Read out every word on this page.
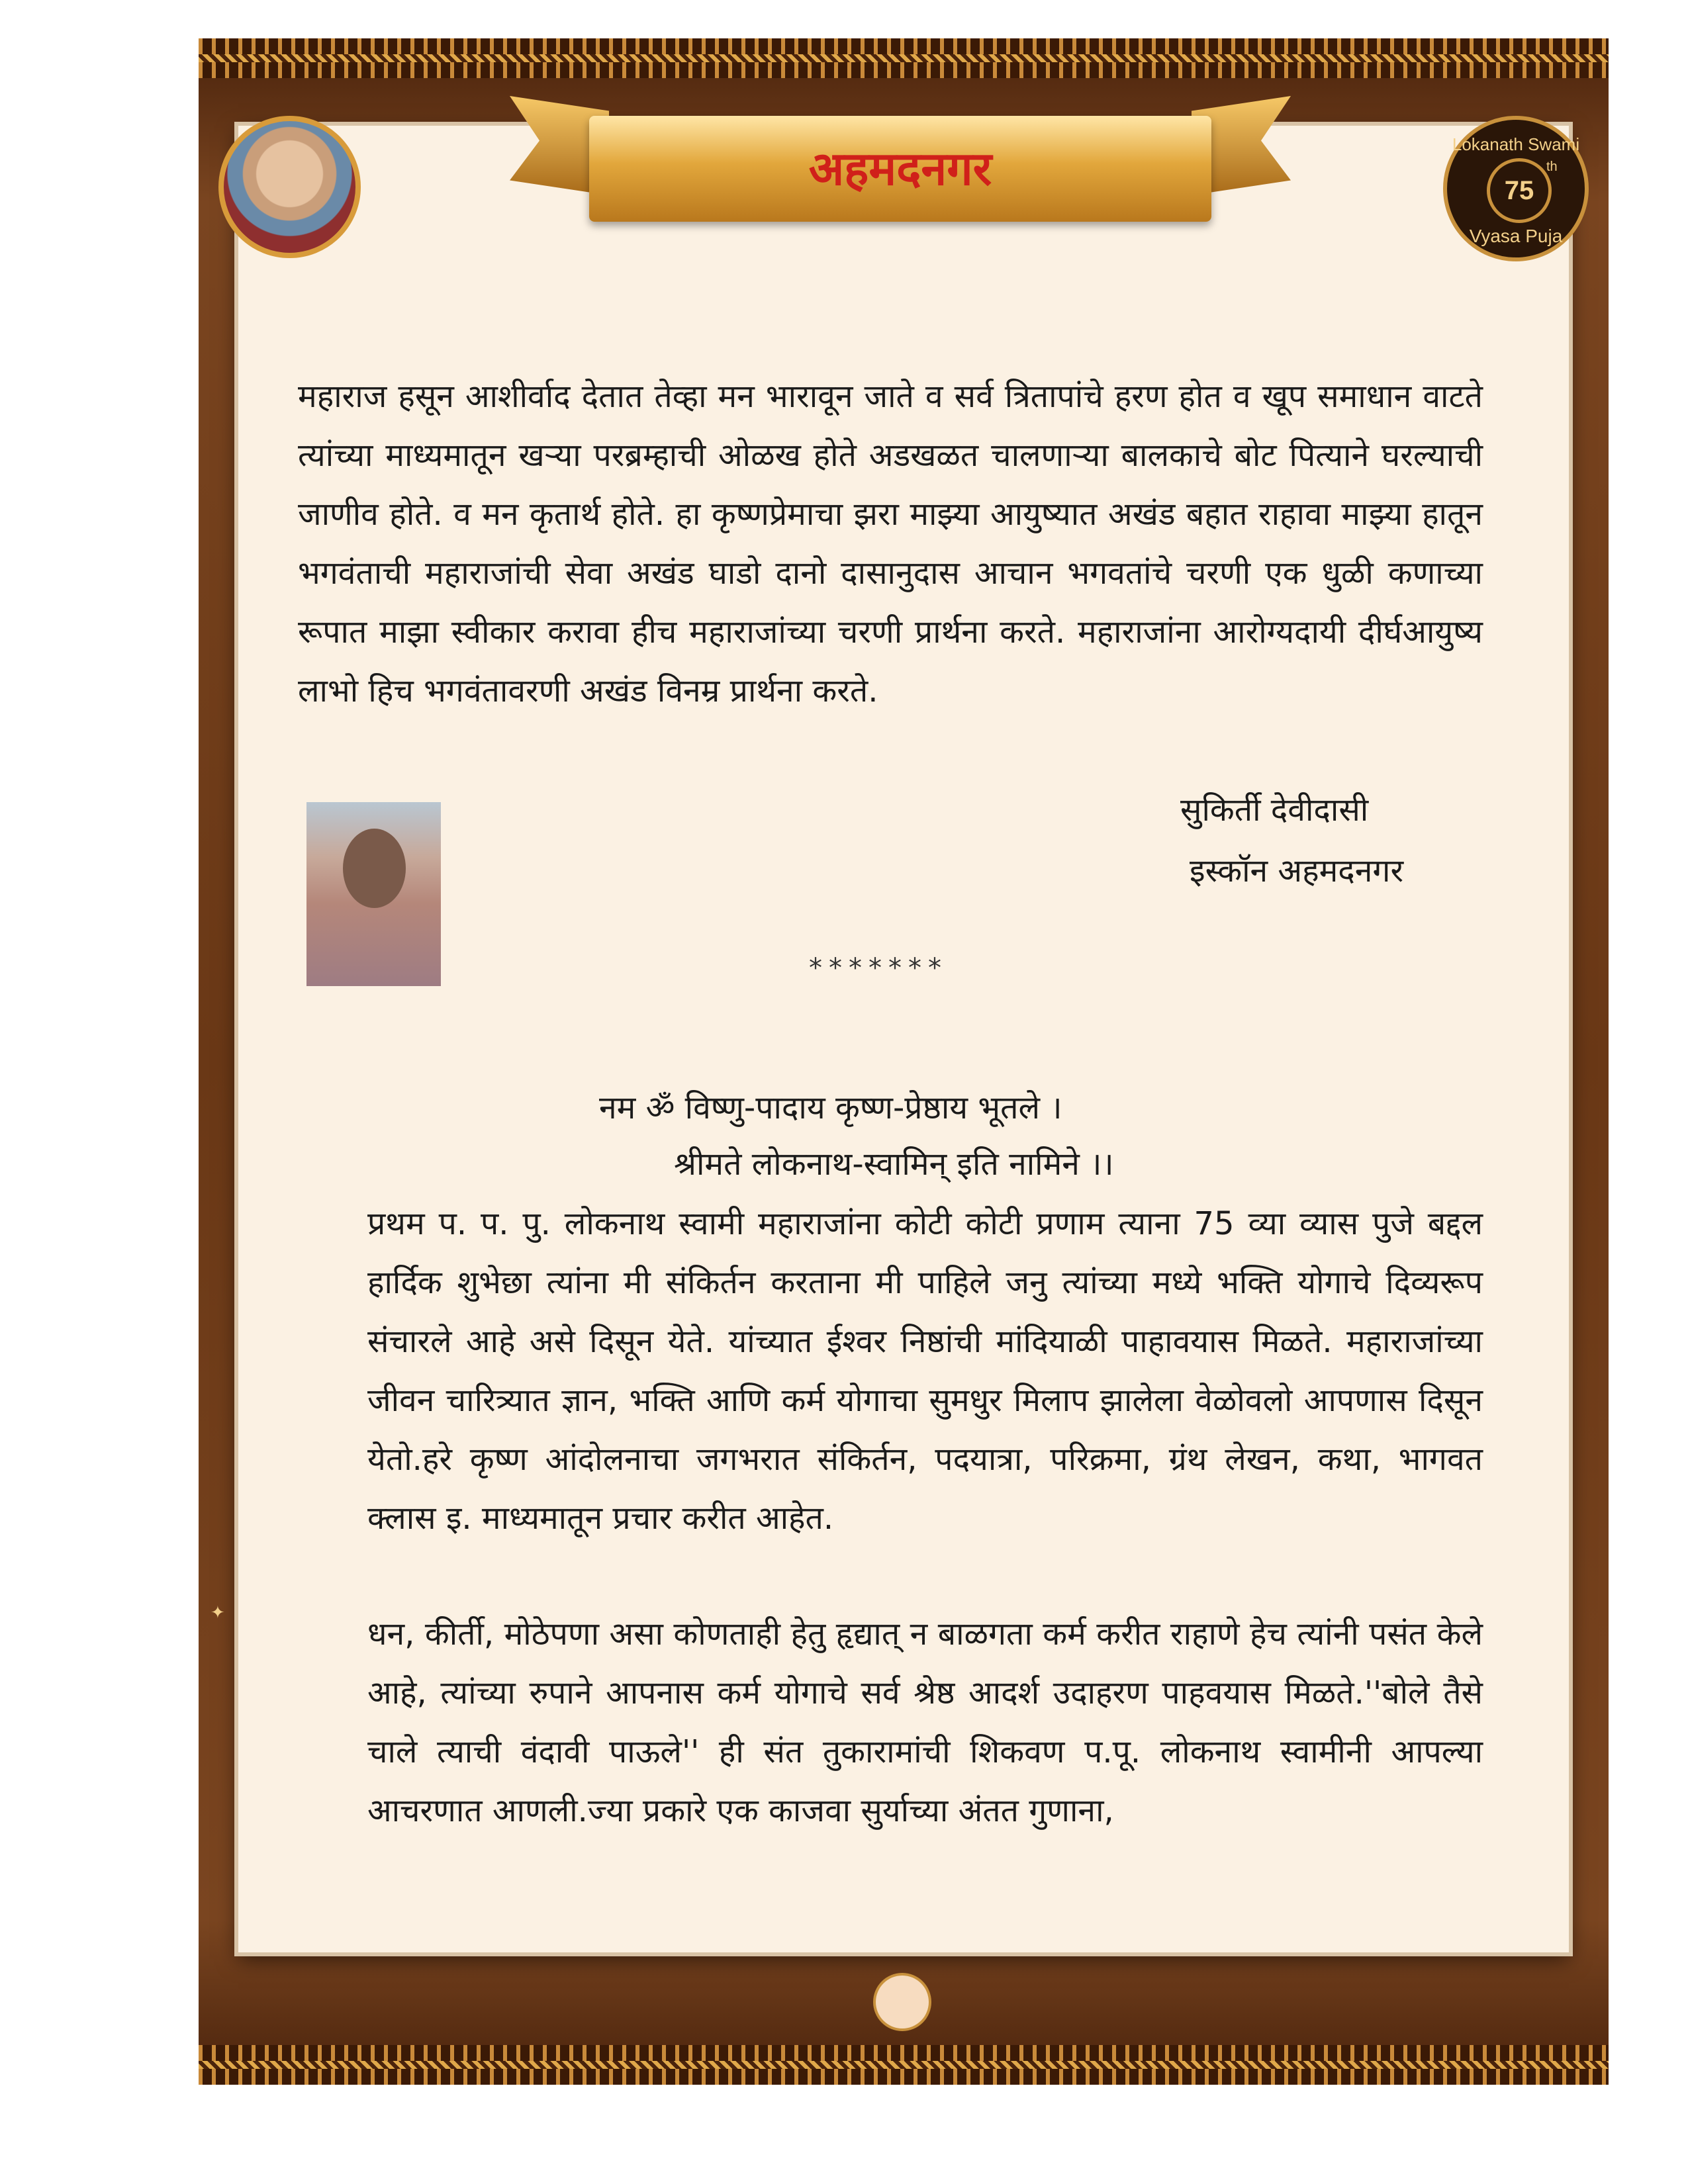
अहमदनगर	Lokanath Swami
75
th
Vyasa Puja

महाराज हसून आशीर्वाद देतात तेव्हा मन भारावून जाते व सर्व त्रितापांचे हरण होत व खूप समाधान वाटते त्यांच्या माध्यमातून खऱ्या परब्रम्हाची ओळख होते अडखळत चालणाऱ्या बालकाचे बोट पित्याने घरल्याची जाणीव होते. व मन कृतार्थ होते. हा कृष्णप्रेमाचा झरा माझ्या आयुष्यात अखंड बहात राहावा माझ्या हातून भगवंताची महाराजांची सेवा अखंड घाडो दानो दासानुदास आचान भगवतांचे चरणी एक धुळी कणाच्या रूपात माझा स्वीकार करावा हीच महाराजांच्या चरणी प्रार्थना करते. महाराजांना आरोग्यदायी दीर्घआयुष्य लाभो हिच भगवंतावरणी अखंड विनम्र प्रार्थना करते.

सुकिर्ती देवीदासी
इस्कॉन अहमदनगर
*******
नम ॐ विष्णु-पादाय कृष्ण-प्रेष्ठाय भूतले ।
श्रीमते लोकनाथ-स्वामिन् इति नामिने ।।

प्रथम प. प. पु. लोकनाथ स्वामी महाराजांना कोटी कोटी प्रणाम त्याना 75 व्या व्यास पुजे बद्दल हार्दिक शुभेछा त्यांना मी संकिर्तन करताना मी पाहिले जनु त्यांच्या मध्ये भक्ति योगाचे दिव्यरूप संचारले आहे असे दिसून येते. यांच्यात ईश्वर निष्ठांची मांदियाळी पाहावयास मिळते. महाराजांच्या जीवन चारित्र्यात ज्ञान, भक्ति आणि कर्म योगाचा सुमधुर मिलाप झालेला वेळोवलो आपणास दिसून येतो.हरे कृष्ण आंदोलनाचा जगभरात संकिर्तन, पदयात्रा, परिक्रमा, ग्रंथ लेखन, कथा, भागवत क्लास इ. माध्यमातून प्रचार करीत आहेत.

धन, कीर्ती, मोठेपणा असा कोणताही हेतु हृद्यात् न बाळगता कर्म करीत राहाणे हेच त्यांनी पसंत केले आहे, त्यांच्या रुपाने आपनास कर्म योगाचे सर्व श्रेष्ठ आदर्श उदाहरण पाहवयास मिळते.''बोले तैसे चाले त्याची वंदावी पाऊले'' ही संत तुकारामांची शिकवण प.पू. लोकनाथ स्वामीनी आपल्या आचरणात आणली.ज्या प्रकारे एक काजवा सुर्याच्या अंतत गुणाना,

✦
